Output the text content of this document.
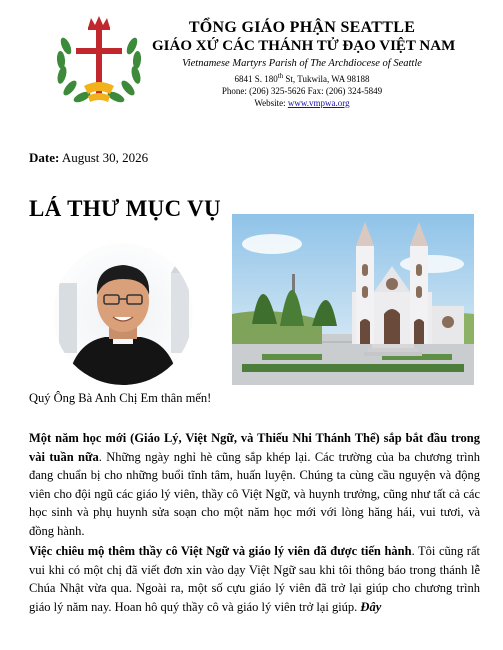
TỔNG GIÁO PHẬN SEATTLE
GIÁO XỨ CÁC THÁNH TỬ ĐẠO VIỆT NAM
Vietnamese Martyrs Parish of The Archdiocese of Seattle
6841 S. 180th St, Tukwila, WA 98188
Phone: (206) 325-5626 Fax: (206) 324-5849
Website: www.vmpwa.org
Date: August 30, 2026
LÁ THƯ MỤC VỤ
Quý Ông Bà Anh Chị Em thân mến!
Một năm học mới (Giáo Lý, Việt Ngữ, và Thiếu Nhi Thánh Thể) sắp bắt đầu trong vài tuần nữa. Những ngày nghỉ hè cũng sắp khép lại. Các trường của ba chương trình đang chuẩn bị cho những buổi tĩnh tâm, huấn luyện. Chúng ta cùng cầu nguyện và động viên cho đội ngũ các giáo lý viên, thầy cô Việt Ngữ, và huynh trưởng, cũng như tất cả các học sinh và phụ huynh sửa soạn cho một năm học mới với lòng hăng hái, vui tươi, và đồng hành.
Việc chiêu mộ thêm thầy cô Việt Ngữ và giáo lý viên đã được tiến hành. Tôi cũng rất vui khi có một chị đã viết đơn xin vào dạy Việt Ngữ sau khi tôi thông báo trong thánh lễ Chúa Nhật vừa qua. Ngoài ra, một số cựu giáo lý viên đã trở lại giúp cho chương trình giáo lý năm nay. Hoan hô quý thầy cô và giáo lý viên trở lại giúp. Đây
